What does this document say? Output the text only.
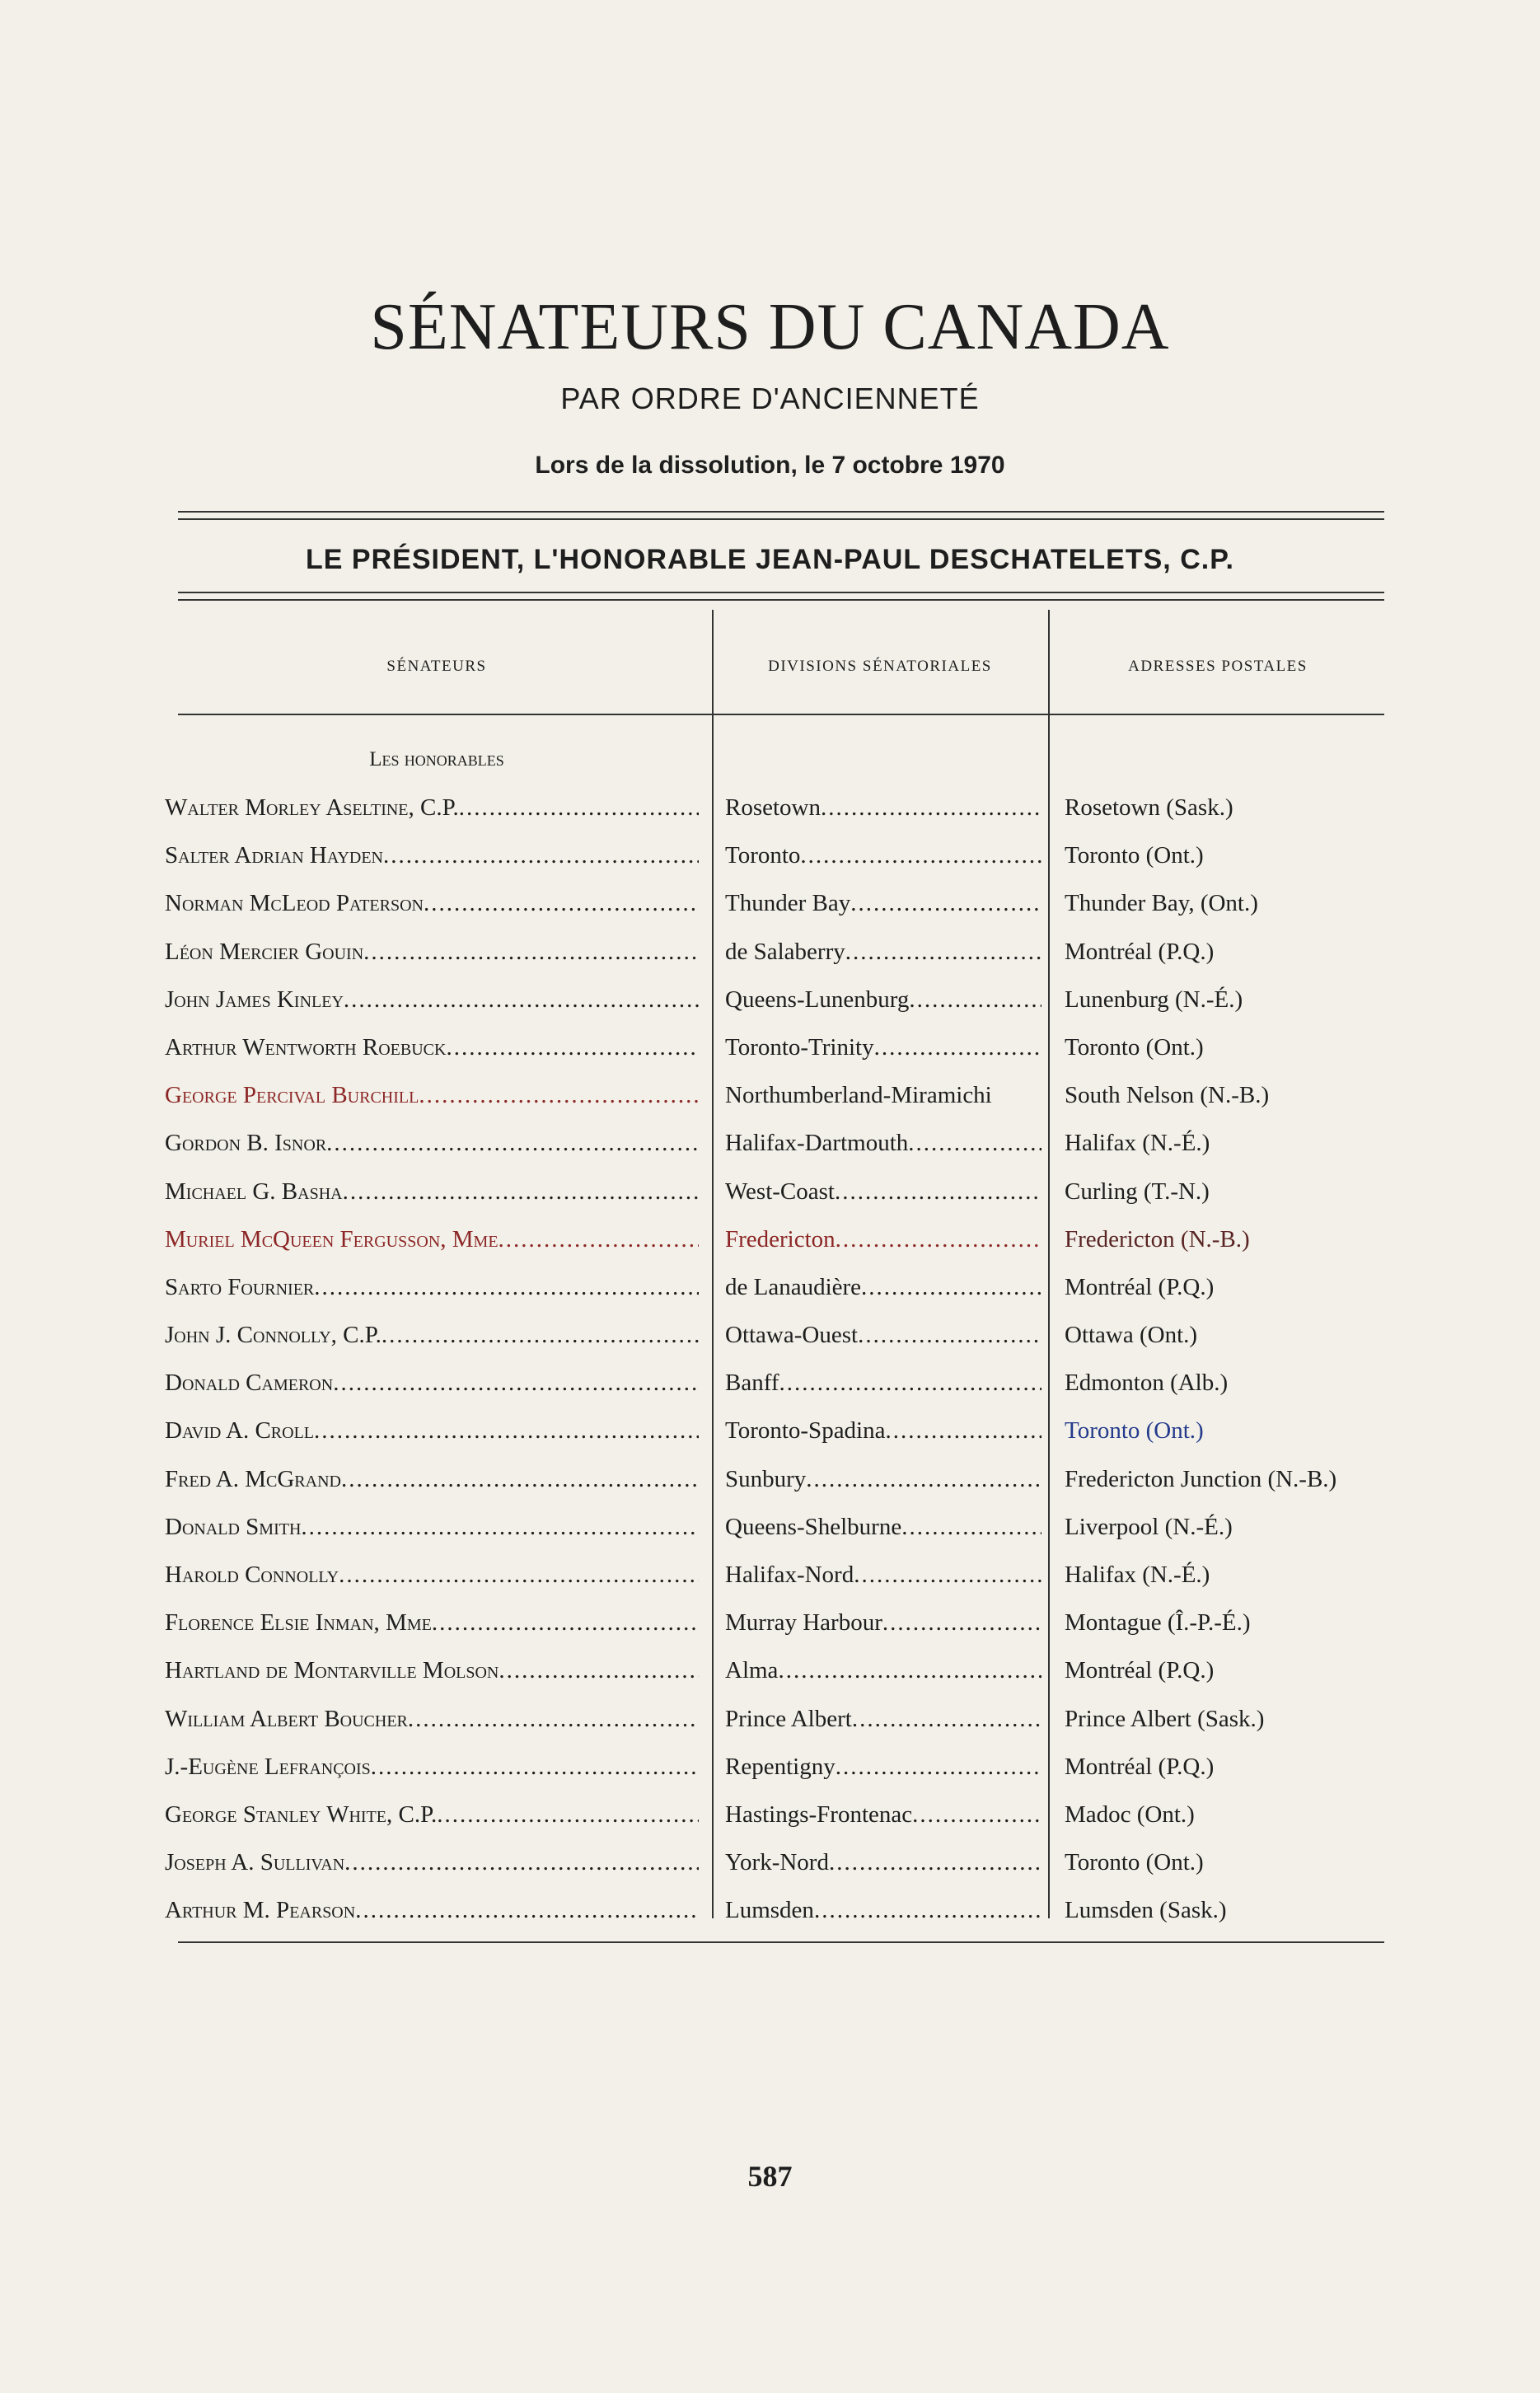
SÉNATEURS DU CANADA
PAR ORDRE D'ANCIENNETÉ
Lors de la dissolution, le 7 octobre 1970
LE PRÉSIDENT, L'HONORABLE JEAN-PAUL DESCHATELETS, C.P.
SÉNATEURS	DIVISIONS SÉNATORIALES	ADRESSES POSTALES
Les honorables
Walter Morley Aseltine, C.P. .....	Rosetown .....	Rosetown (Sask.)
Salter Adrian Hayden .....	Toronto .....	Toronto (Ont.)
Norman McLeod Paterson .....	Thunder Bay .....	Thunder Bay, (Ont.)
Léon Mercier Gouin .....	de Salaberry .....	Montréal (P.Q.)
John James Kinley .....	Queens-Lunenburg .....	Lunenburg (N.-É.)
Arthur Wentworth Roebuck .....	Toronto-Trinity .....	Toronto (Ont.)
George Percival Burchill .....	Northumberland-Miramichi	South Nelson (N.-B.)
Gordon B. Isnor .....	Halifax-Dartmouth .....	Halifax (N.-É.)
Michael G. Basha .....	West-Coast .....	Curling (T.-N.)
Muriel McQueen Fergusson, Mme .....	Fredericton .....	Fredericton (N.-B.)
Sarto Fournier .....	de Lanaudière .....	Montréal (P.Q.)
John J. Connolly, C.P. .....	Ottawa-Ouest .....	Ottawa (Ont.)
Donald Cameron .....	Banff .....	Edmonton (Alb.)
David A. Croll .....	Toronto-Spadina .....	Toronto (Ont.)
Fred A. McGrand .....	Sunbury .....	Fredericton Junction (N.-B.)
Donald Smith .....	Queens-Shelburne .....	Liverpool (N.-É.)
Harold Connolly .....	Halifax-Nord .....	Halifax (N.-É.)
Florence Elsie Inman, Mme .....	Murray Harbour .....	Montague (Î.-P.-É.)
Hartland de Montarville Molson .....	Alma .....	Montréal (P.Q.)
William Albert Boucher .....	Prince Albert .....	Prince Albert (Sask.)
J.-Eugène Lefrançois .....	Repentigny .....	Montréal (P.Q.)
George Stanley White, C.P. .....	Hastings-Frontenac .....	Madoc (Ont.)
Joseph A. Sullivan .....	York-Nord .....	Toronto (Ont.)
Arthur M. Pearson .....	Lumsden .....	Lumsden (Sask.)
587
